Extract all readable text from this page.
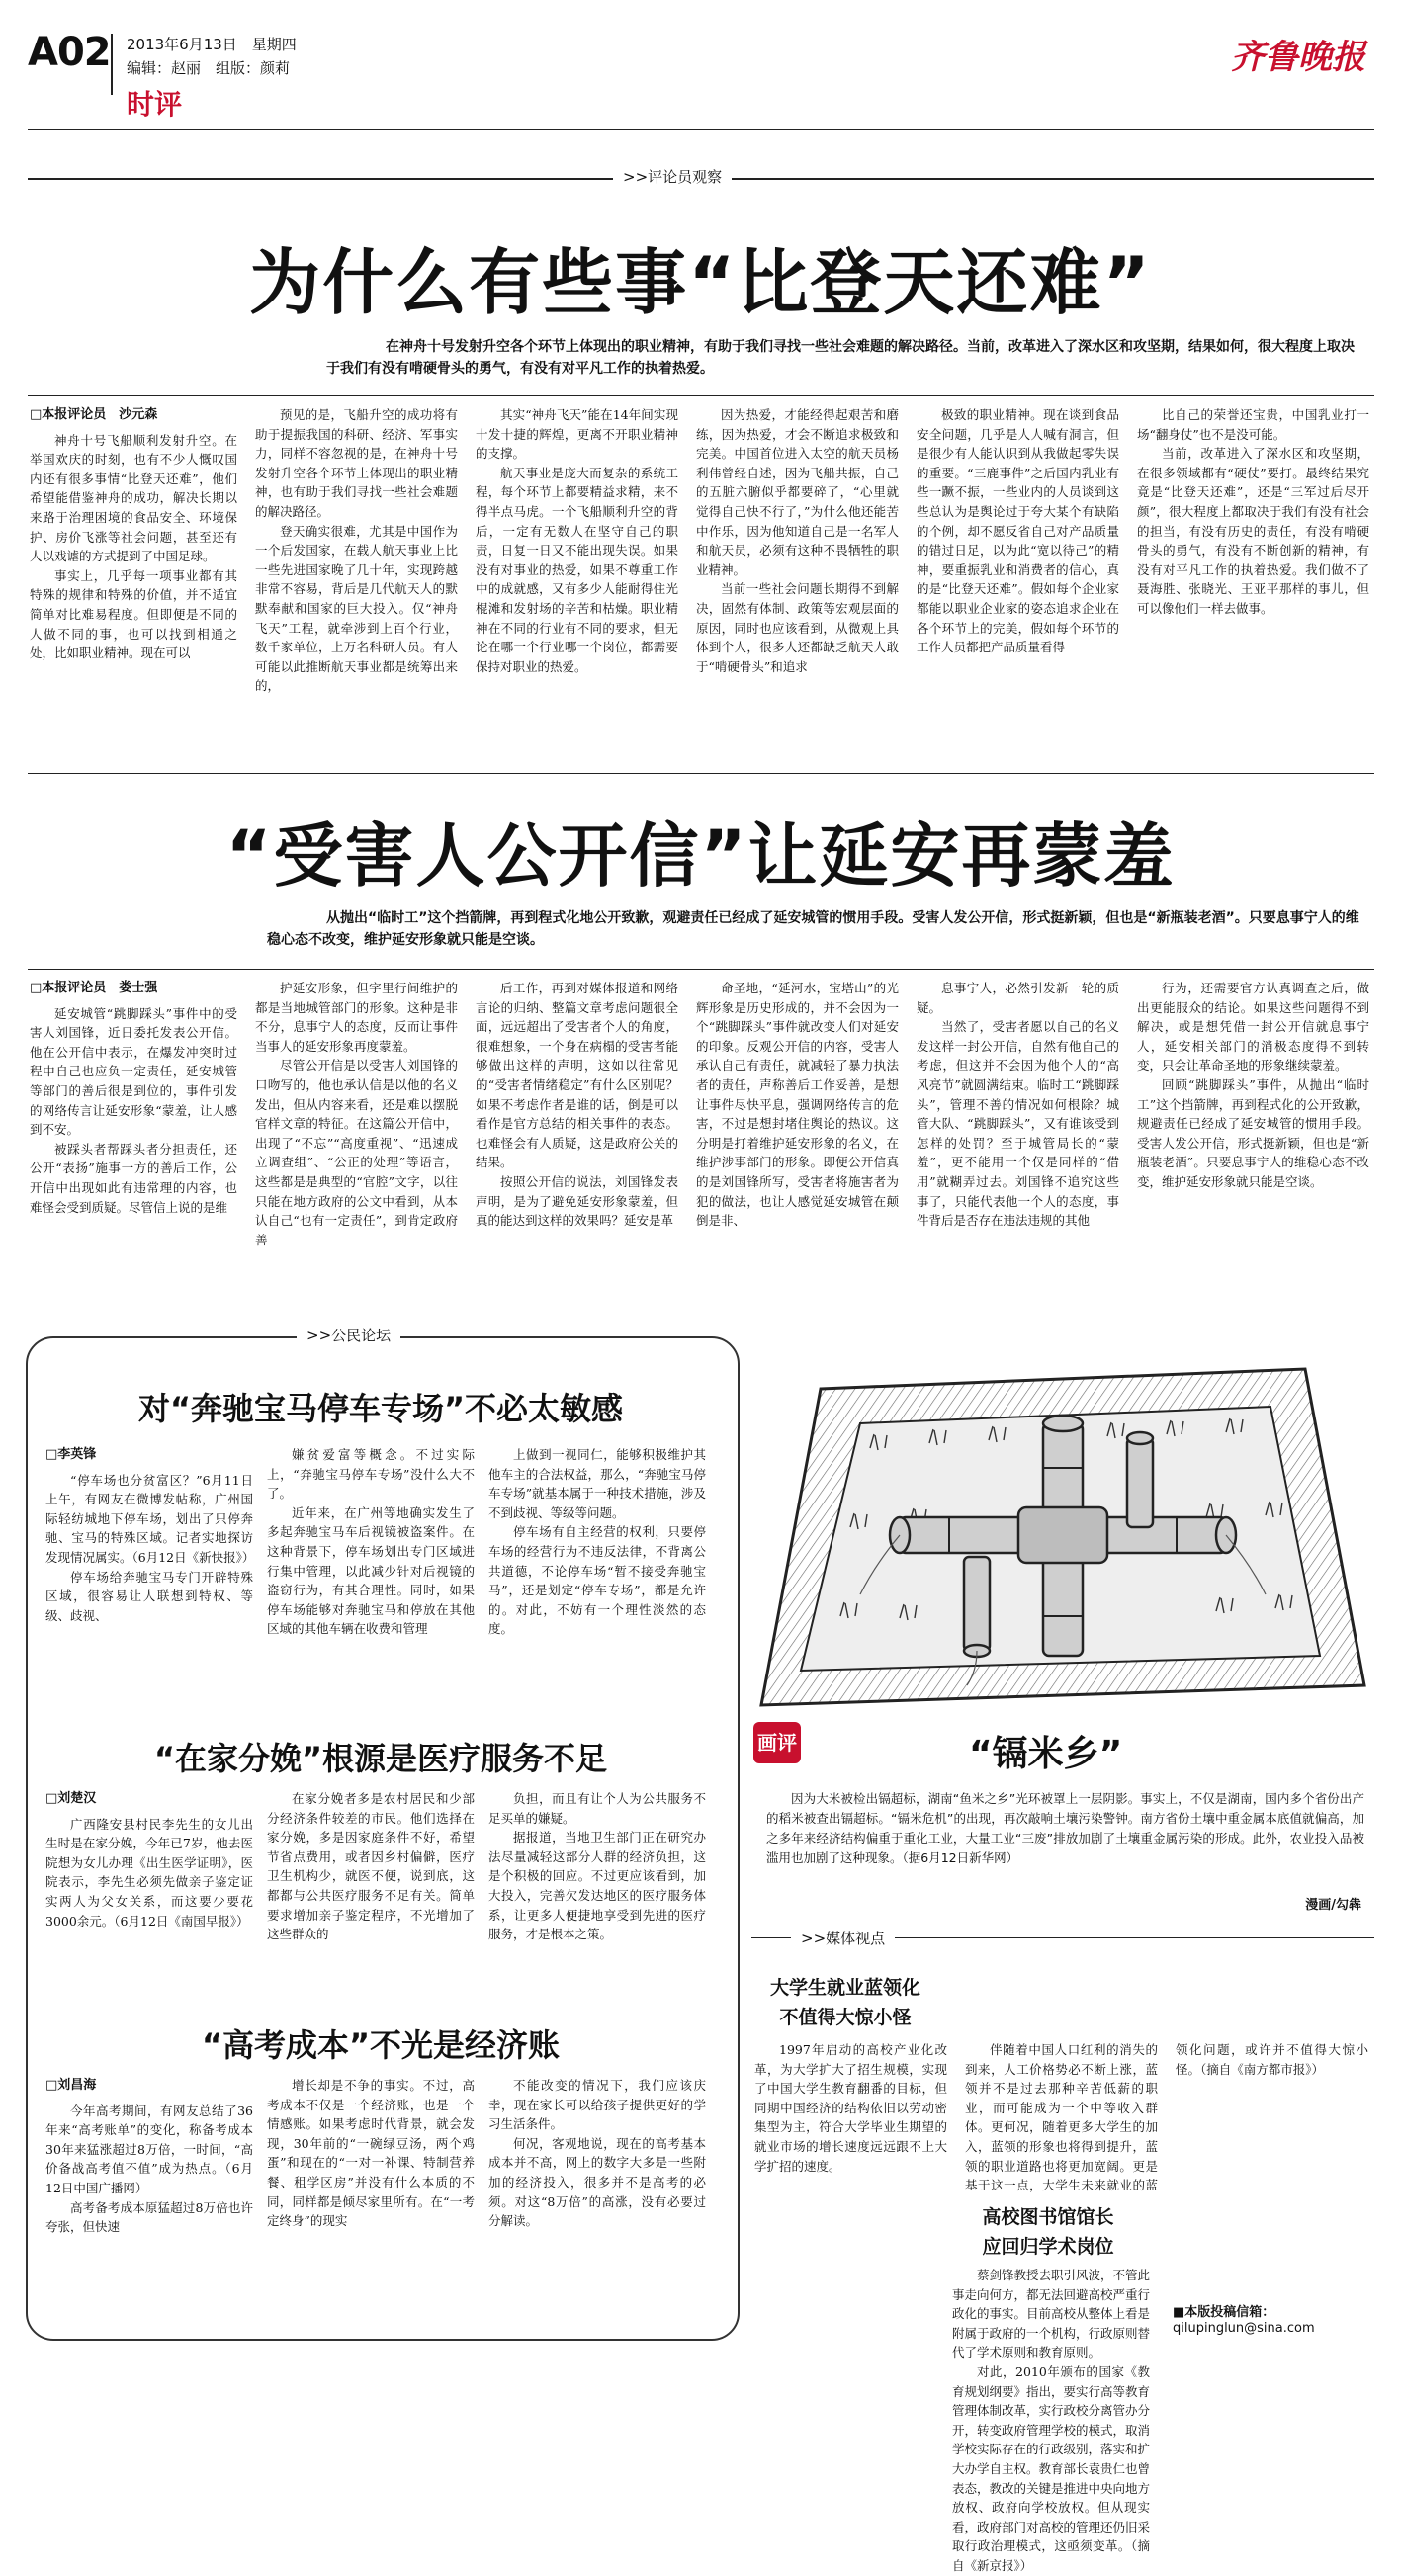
A02 2013年6月13日　星期四
编辑：赵丽　组版：颜莉
时评
齐鲁晚报
>>评论员观察
为什么有些事“比登天还难”
在神舟十号发射升空各个环节上体现出的职业精神，有助于我们寻找一些社会难题的解决路径。当前，改革进入了深水区和攻坚期，结果如何，很大程度上取决于我们有没有啃硬骨头的勇气，有没有对平凡工作的执着热爱。

□本报评论员　沙元森

神舟十号飞船顺利发射升空。在举国欢庆的时刻，也有不少人慨叹国内还有很多事情“比登天还难”，他们希望能借鉴神舟的成功，解决长期以来路于治理困境的食品安全、环境保护、房价飞涨等社会问题，甚至还有人以戏谑的方式提到了中国足球。

事实上，几乎每一项事业都有其特殊的规律和特殊的价值，并不适宜简单对比难易程度。但即便是不同的人做不同的事，也可以找到相通之处，比如职业精神。现在可以

预见的是，飞船升空的成功将有助于提振我国的科研、经济、军事实力，同样不容忽视的是，在神舟十号发射升空各个环节上体现出的职业精神，也有助于我们寻找一些社会难题的解决路径。

登天确实很难，尤其是中国作为一个后发国家，在载人航天事业上比一些先进国家晚了几十年，实现跨越非常不容易，背后是几代航天人的默默奉献和国家的巨大投入。仅“神舟飞天”工程，就牵涉到上百个行业，数千家单位，上万名科研人员。有人可能以此推断航天事业都是统筹出来的，

其实“神舟飞天”能在14年间实现十发十捷的辉煌，更离不开职业精神的支撑。

航天事业是庞大而复杂的系统工程，每个环节上都要精益求精，来不得半点马虎。一个飞船顺利升空的背后，一定有无数人在坚守自己的职责，日复一日又不能出现失误。如果没有对事业的热爱，如果不尊重工作中的成就感，又有多少人能耐得住光棍滩和发射场的辛苦和枯燥。职业精神在不同的行业有不同的要求，但无论在哪一个行业哪一个岗位，都需要保持对职业的热爱。

因为热爱，才能经得起艰苦和磨练，因为热爱，才会不断追求极致和完美。中国首位进入太空的航天员杨利伟曾经自述，因为飞船共振，自己的五脏六腑似乎都要碎了，“心里就觉得自己快不行了，”为什么他还能苦中作乐，因为他知道自己是一名军人和航天员，必须有这种不畏牺牲的职业精神。

当前一些社会问题长期得不到解决，固然有体制、政策等宏观层面的原因，同时也应该看到，从微观上具体到个人，很多人还都缺乏航天人敢于“啃硬骨头”和追求

极致的职业精神。现在谈到食品安全问题，几乎是人人喊有洞言，但是很少有人能认识到从我做起零失误的重要。“三鹿事件”之后国内乳业有些一蹶不振，一些业内的人员谈到这些总认为是舆论过于夸大某个有缺陷的个例，却不愿反省自己对产品质量的错过日足，以为此“宽以待己”的精神，要重振乳业和消费者的信心，真的是“比登天还难”。假如每个企业家都能以职业企业家的姿态追求企业在各个环节上的完美，假如每个环节的工作人员都把产品质量看得

比自己的荣誉还宝贵，中国乳业打一场“翻身仗”也不是没可能。

当前，改革进入了深水区和攻坚期，在很多领域都有“硬仗”要打。最终结果究竟是“比登天还难”，还是“三军过后尽开颜”，很大程度上都取决于我们有没有社会的担当，有没有历史的责任，有没有啃硬骨头的勇气，有没有不断创新的精神，有没有对平凡工作的执着热爱。我们做不了聂海胜、张晓光、王亚平那样的事儿，但可以像他们一样去做事。

“受害人公开信”让延安再蒙羞
从抛出“临时工”这个挡箭牌，再到程式化地公开致歉，观避责任已经成了延安城管的惯用手段。受害人发公开信，形式挺新颖，但也是“新瓶装老酒”。只要息事宁人的维稳心态不改变，维护延安形象就只能是空谈。

□本报评论员　娄士强

延安城管“跳脚踩头”事件中的受害人刘国锋，近日委托发表公开信。他在公开信中表示，在爆发冲突时过程中自己也应负一定责任，延安城管等部门的善后很是到位的，事件引发的网络传言让延安形象“蒙羞，让人感到不安。

被踩头者帮踩头者分担责任，还公开“表扬”施事一方的善后工作，公开信中出现如此有违常理的内容，也难怪会受到质疑。尽管信上说的是维

护延安形象，但字里行间维护的都是当地城管部门的形象。这种是非不分，息事宁人的态度，反而让事件当事人的延安形象再度蒙羞。

尽管公开信是以受害人刘国锋的口吻写的，他也承认信是以他的名义发出，但从内容来看，还是难以摆脱官样文章的特征。在这篇公开信中，出现了“不忘”“高度重视”、“迅速成立调查组”、“公正的处理”等语言，这些都是是典型的“官腔”文字，以往只能在地方政府的公文中看到，从本认自己“也有一定责任”，到肯定政府善

后工作，再到对媒体报道和网络言论的归纳、整篇文章考虑问题很全面，远远超出了受害者个人的角度，很难想象，一个身在病榻的受害者能够做出这样的声明，这如以往常见的“受害者情绪稳定”有什么区别呢？如果不考虑作者是谁的话，倒是可以看作是官方总结的相关事件的表态。也难怪会有人质疑，这是政府公关的结果。

按照公开信的说法，刘国锋发表声明，是为了避免延安形象蒙羞，但真的能达到这样的效果吗？延安是革

命圣地，“延河水，宝塔山”的光辉形象是历史形成的，并不会因为一个“跳脚踩头”事件就改变人们对延安的印象。反观公开信的内容，受害人承认自己有责任，就减轻了暴力执法者的责任，声称善后工作妥善，是想让事件尽快平息，强调网络传言的危害，不过是想封堵住舆论的热议。这分明是打着维护延安形象的名义，在维护涉事部门的形象。即便公开信真的是刘国锋所写，受害者将施害者为犯的做法，也让人感觉延安城管在颠倒是非、

息事宁人，必然引发新一轮的质疑。

当然了，受害者愿以自己的名义发这样一封公开信，自然有他自己的考虑，但这并不会因为他个人的“高风亮节”就圆满结束。临时工“跳脚踩头”，管理不善的情况如何根除？城管大队、“跳脚踩头”，又有谁该受到怎样的处罚？至于城管局长的“蒙羞”，更不能用一个仅是同样的“借用”就糊弄过去。刘国锋不追究这些事了，只能代表他一个人的态度，事件背后是否存在违法违规的其他

行为，还需要官方认真调查之后，做出更能服众的结论。如果这些问题得不到解决，或是想凭借一封公开信就息事宁人，延安相关部门的消极态度得不到转变，只会让革命圣地的形象继续蒙羞。

回顾“跳脚踩头”事件，从抛出“临时工”这个挡箭牌，再到程式化的公开致歉，规避责任已经成了延安城管的惯用手段。受害人发公开信，形式挺新颖，但也是“新瓶装老酒”。只要息事宁人的维稳心态不改变，维护延安形象就只能是空谈。

>>公民论坛
对“奔驰宝马停车专场”不必太敏感

□李英锋

“停车场也分贫富区？”6月11日上午，有网友在微博发帖称，广州国际轻纺城地下停车场，划出了只停奔驰、宝马的特殊区域。记者实地探访发现情况属实。（6月12日《新快报》）

停车场给奔驰宝马专门开辟特殊区域，很容易让人联想到特权、等级、歧视、

嫌贫爱富等概念。不过实际上，“奔驰宝马停车专场”没什么大不了。

近年来，在广州等地确实发生了多起奔驰宝马车后视镜被盗案件。在这种背景下，停车场划出专门区域进行集中管理，以此减少针对后视镜的盗窃行为，有其合理性。同时，如果停车场能够对奔驰宝马和停放在其他区域的其他车辆在收费和管理

上做到一视同仁，能够积极维护其他车主的合法权益，那么，“奔驰宝马停车专场”就基本属于一种技术措施，涉及不到歧视、等级等问题。

停车场有自主经营的权利，只要停车场的经营行为不违反法律，不背离公共道德，不论停车场“暂不接受奔驰宝马”，还是划定“停车专场”，都是允许的。对此，不妨有一个理性淡然的态度。

“在家分娩”根源是医疗服务不足

□刘楚汉

广西隆安县村民李先生的女儿出生时是在家分娩，今年已7岁，他去医院想为女儿办理《出生医学证明》，医院表示，李先生必须先做亲子鉴定证实两人为父女关系，而这要少要花3000余元。（6月12日《南国早报》）

在家分娩者多是农村居民和少部分经济条件较差的市民。他们选择在家分娩，多是因家庭条件不好，希望节省点费用，或者因乡村偏僻，医疗卫生机构少，就医不便，说到底，这都都与公共医疗服务不足有关。简单要求增加亲子鉴定程序，不光增加了这些群众的

负担，而且有让个人为公共服务不足买单的嫌疑。

据报道，当地卫生部门正在研究办法尽量减轻这部分人群的经济负担，这是个积极的回应。不过更应该看到，加大投入，完善欠发达地区的医疗服务体系，让更多人便捷地享受到先进的医疗服务，才是根本之策。

“高考成本”不光是经济账

□刘昌海

今年高考期间，有网友总结了36年来“高考账单”的变化，称备考成本30年来猛涨超过8万倍，一时间，“高价备战高考值不值”成为热点。（6月12日中国广播网）

高考备考成本原猛超过8万倍也许夸张，但快速

增长却是不争的事实。不过，高考成本不仅是一个经济账，也是一个情感账。如果考虑时代背景，就会发现，30年前的“一碗绿豆汤，两个鸡蛋”和现在的“一对一补课、特制营养餐、租学区房”并没有什么本质的不同，同样都是倾尽家里所有。在“一考定终身”的现实

不能改变的情况下，我们应该庆幸，现在家长可以给孩子提供更好的学习生活条件。

何况，客观地说，现在的高考基本成本并不高，网上的数字大多是一些附加的经济投入，很多并不是高考的必须。对这“8万倍”的高涨，没有必要过分解读。

画评	“镉米乡”

因为大米被检出镉超标，湖南“鱼米之乡”光环被罩上一层阴影。事实上，不仅是湖南，国内多个省份出产的稻米被查出镉超标。“镉米危机”的出现，再次敲响土壤污染警钟。南方省份土壤中重金属本底值就偏高，加之多年来经济结构偏重于重化工业，大量工业“三废”排放加剧了土壤重金属污染的形成。此外，农业投入品被滥用也加剧了这种现象。（据6月12日新华网）

漫画/勾犇
>>媒体视点
大学生就业蓝领化
不值得大惊小怪

1997年启动的高校产业化改革，为大学扩大了招生规模，实现了中国大学生教育翻番的目标，但同期中国经济的结构依旧以劳动密集型为主，符合大学毕业生期望的就业市场的增长速度远远跟不上大学扩招的速度。

伴随着中国人口红利的消失的到来，人工价格势必不断上涨，蓝领并不是过去那种辛苦低薪的职业，而可能成为一个中等收入群体。更何况，随着更多大学生的加入，蓝领的形象也将得到提升，蓝领的职业道路也将更加宽阔。更是基于这一点，大学生未来就业的蓝领化问题，或许并不值得大惊小怪。（摘自《南方都市报》）

高校图书馆馆长
应回归学术岗位

蔡剑锋教授去职引风波，不管此事走向何方，都无法回避高校严重行政化的事实。目前高校从整体上看是附属于政府的一个机构，行政原则替代了学术原则和教育原则。

对此，2010年颁布的国家《教育规划纲要》指出，要实行高等教育管理体制改革，实行政校分离管办分开，转变政府管理学校的模式，取消学校实际存在的行政级别，落实和扩大办学自主权。教育部长袁贵仁也曾表态，教改的关键是推进中央向地方放权、政府向学校放权。但从现实看，政府部门对高校的管理还仍旧采取行政治理模式，这亟须变革。（摘自《新京报》）

■本版投稿信箱：
qilupinglun@sina.com
